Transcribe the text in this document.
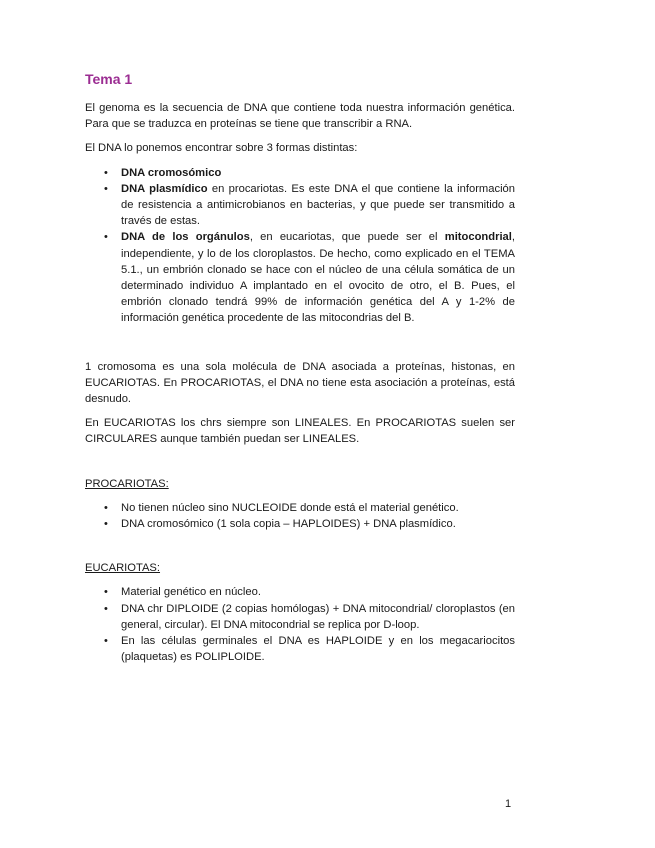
Tema 1

El genoma es la secuencia de DNA que contiene toda nuestra información genética. Para que se traduzca en proteínas se tiene que transcribir a RNA.

El DNA lo ponemos encontrar sobre 3 formas distintas:

• DNA cromosómico
• DNA plasmídico en procariotas. Es este DNA el que contiene la información de resistencia a antimicrobianos en bacterias, y que puede ser transmitido a través de estas.
• DNA de los orgánulos, en eucariotas, que puede ser el mitocondrial, independiente, y lo de los cloroplastos. De hecho, como explicado en el TEMA 5.1., un embrión clonado se hace con el núcleo de una célula somática de un determinado individuo A implantado en el ovocito de otro, el B. Pues, el embrión clonado tendrá 99% de información genética del A y 1-2% de información genética procedente de las mitocondrias del B.

1 cromosoma es una sola molécula de DNA asociada a proteínas, histonas, en EUCARIOTAS. En PROCARIOTAS, el DNA no tiene esta asociación a proteínas, está desnudo.

En EUCARIOTAS los chrs siempre son LINEALES. En PROCARIOTAS suelen ser CIRCULARES aunque también puedan ser LINEALES.

PROCARIOTAS:

• No tienen núcleo sino NUCLEOIDE donde está el material genético.
• DNA cromosómico (1 sola copia – HAPLOIDES) + DNA plasmídico.

EUCARIOTAS:

• Material genético en núcleo.
• DNA chr DIPLOIDE (2 copias homólogas) + DNA mitocondrial/ cloroplastos (en general, circular). El DNA mitocondrial se replica por D-loop.
• En las células germinales el DNA es HAPLOIDE y en los megacariocitos (plaquetas) es POLIPLOIDE.
1
